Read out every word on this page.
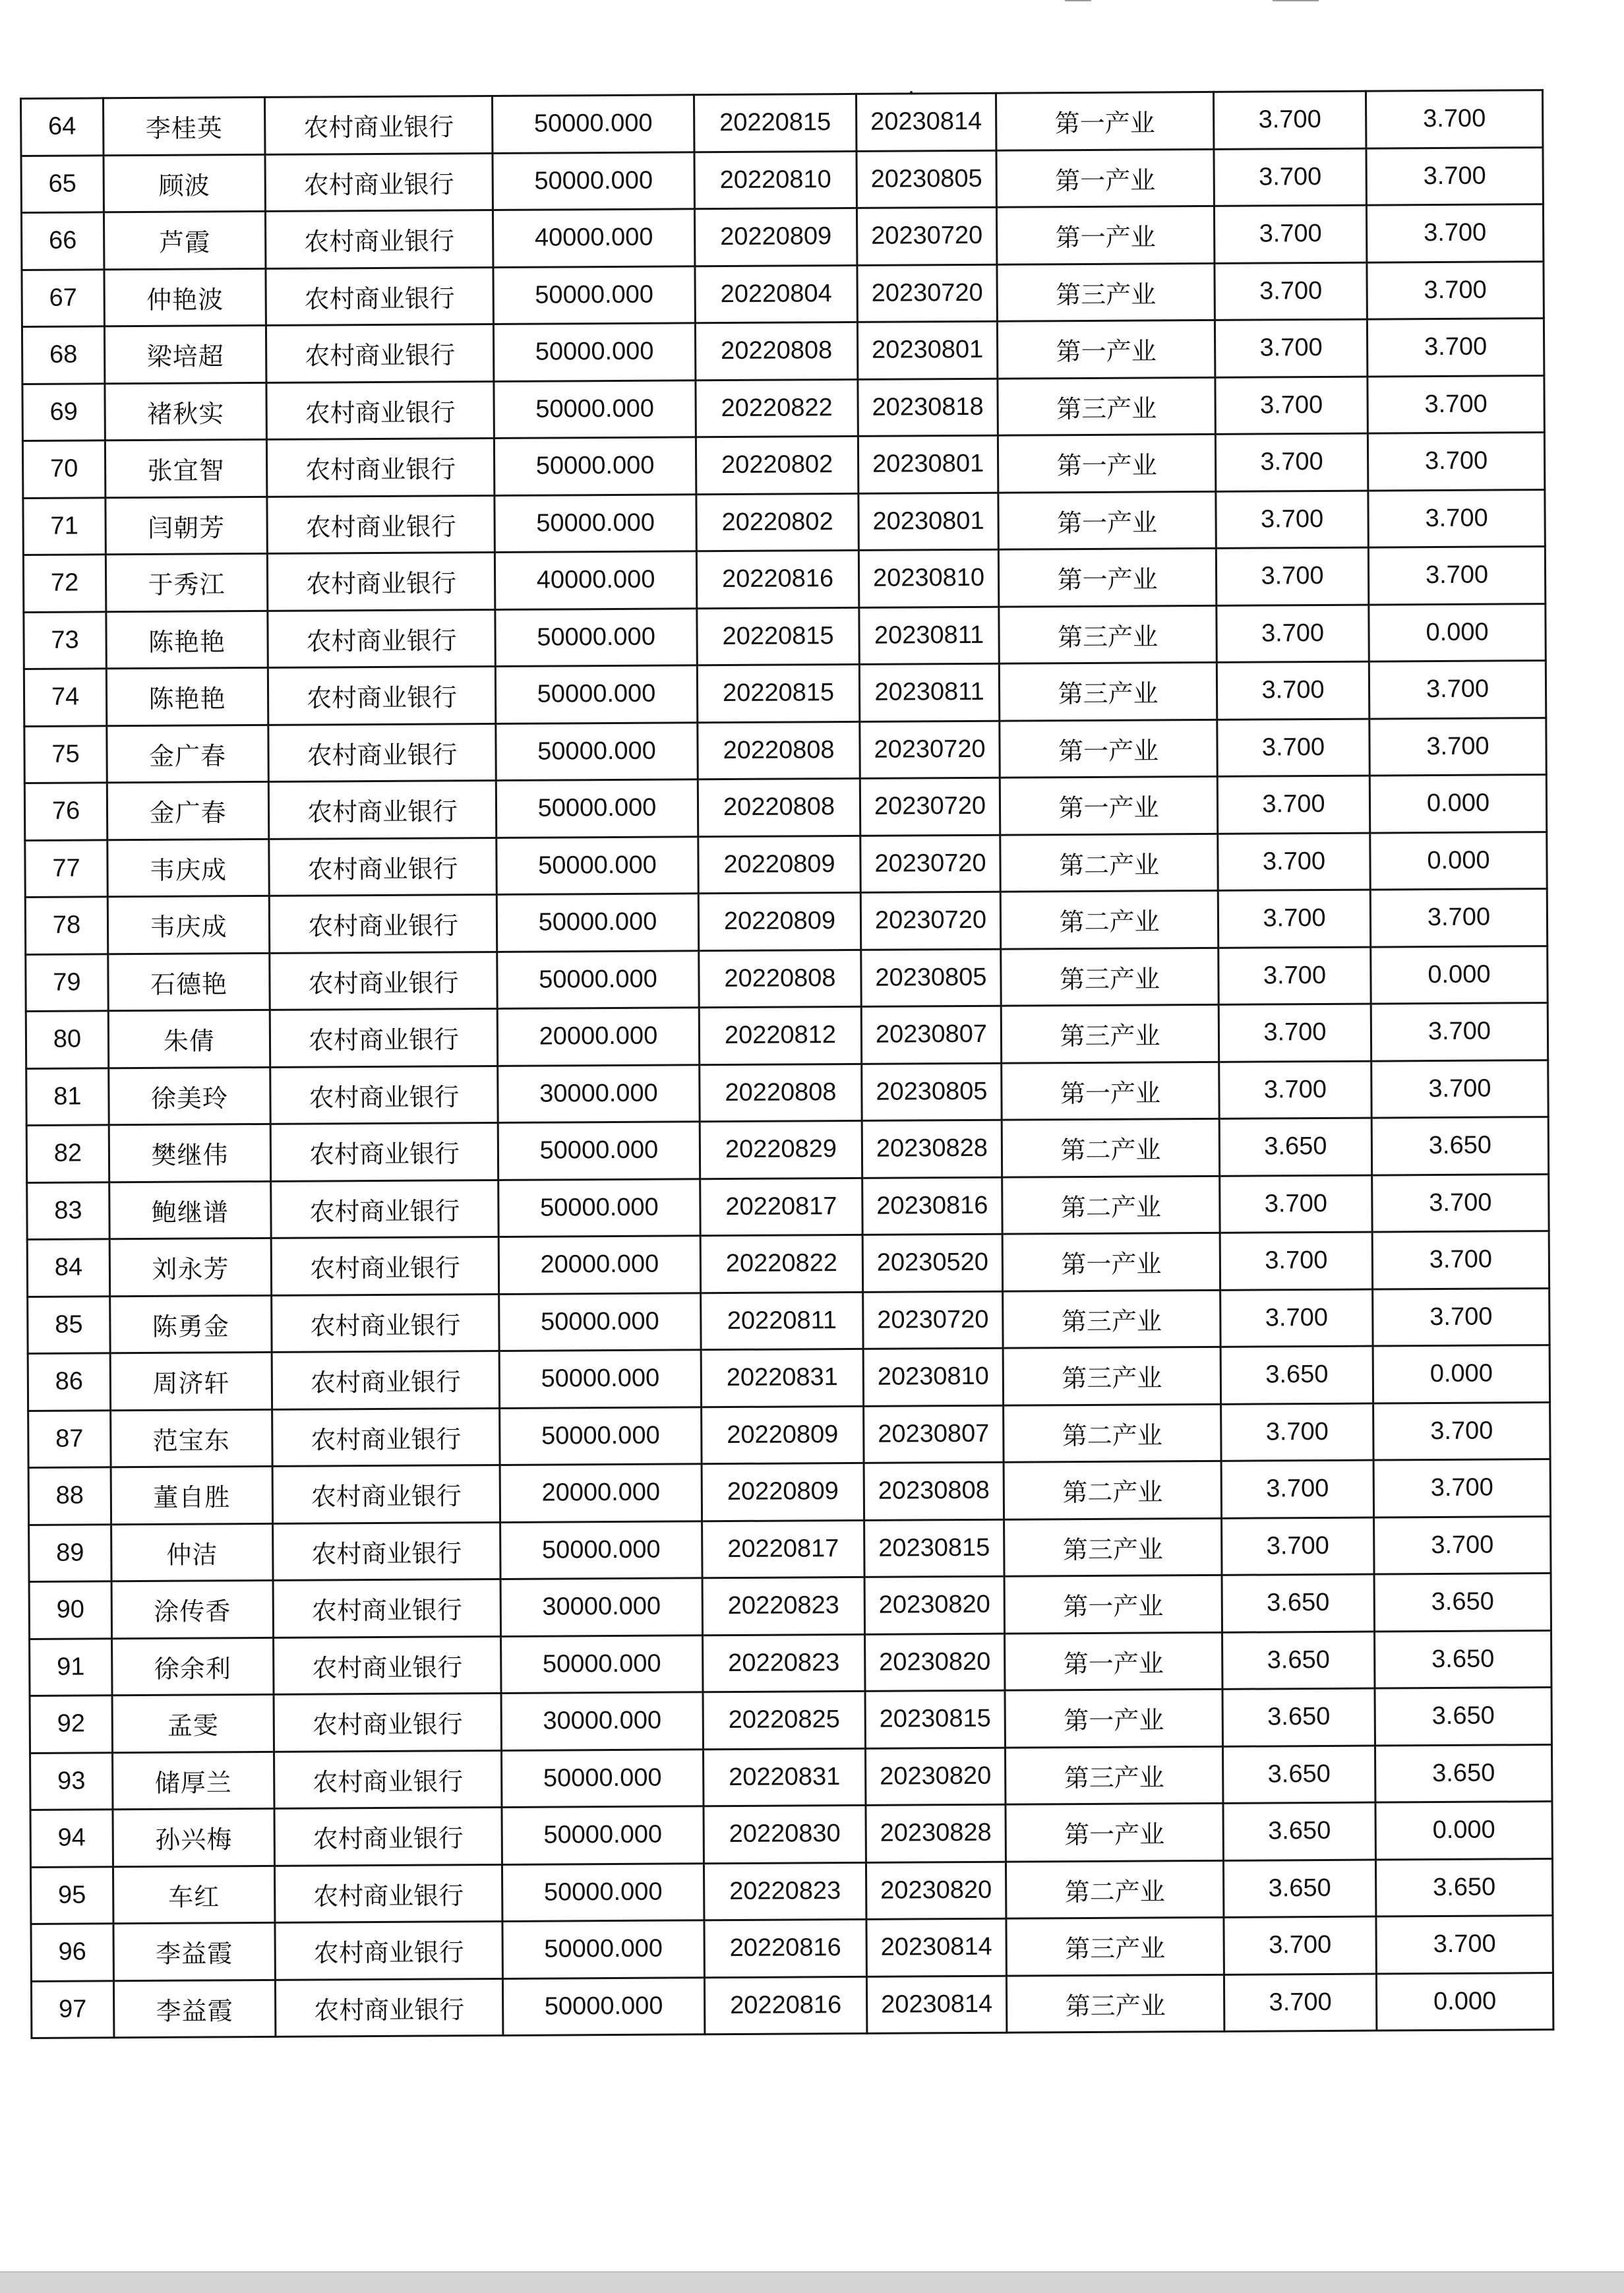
64	李桂英	农村商业银行	50000.000	20220815	20230814	第一产业	3.700	3.700
65	顾波	农村商业银行	50000.000	20220810	20230805	第一产业	3.700	3.700
66	芦霞	农村商业银行	40000.000	20220809	20230720	第一产业	3.700	3.700
67	仲艳波	农村商业银行	50000.000	20220804	20230720	第三产业	3.700	3.700
68	梁培超	农村商业银行	50000.000	20220808	20230801	第一产业	3.700	3.700
69	褚秋实	农村商业银行	50000.000	20220822	20230818	第三产业	3.700	3.700
70	张宜智	农村商业银行	50000.000	20220802	20230801	第一产业	3.700	3.700
71	闫朝芳	农村商业银行	50000.000	20220802	20230801	第一产业	3.700	3.700
72	于秀江	农村商业银行	40000.000	20220816	20230810	第一产业	3.700	3.700
73	陈艳艳	农村商业银行	50000.000	20220815	20230811	第三产业	3.700	0.000
74	陈艳艳	农村商业银行	50000.000	20220815	20230811	第三产业	3.700	3.700
75	金广春	农村商业银行	50000.000	20220808	20230720	第一产业	3.700	3.700
76	金广春	农村商业银行	50000.000	20220808	20230720	第一产业	3.700	0.000
77	韦庆成	农村商业银行	50000.000	20220809	20230720	第二产业	3.700	0.000
78	韦庆成	农村商业银行	50000.000	20220809	20230720	第二产业	3.700	3.700
79	石德艳	农村商业银行	50000.000	20220808	20230805	第三产业	3.700	0.000
80	朱倩	农村商业银行	20000.000	20220812	20230807	第三产业	3.700	3.700
81	徐美玲	农村商业银行	30000.000	20220808	20230805	第一产业	3.700	3.700
82	樊继伟	农村商业银行	50000.000	20220829	20230828	第二产业	3.650	3.650
83	鲍继谱	农村商业银行	50000.000	20220817	20230816	第二产业	3.700	3.700
84	刘永芳	农村商业银行	20000.000	20220822	20230520	第一产业	3.700	3.700
85	陈勇金	农村商业银行	50000.000	20220811	20230720	第三产业	3.700	3.700
86	周济轩	农村商业银行	50000.000	20220831	20230810	第三产业	3.650	0.000
87	范宝东	农村商业银行	50000.000	20220809	20230807	第二产业	3.700	3.700
88	董自胜	农村商业银行	20000.000	20220809	20230808	第二产业	3.700	3.700
89	仲洁	农村商业银行	50000.000	20220817	20230815	第三产业	3.700	3.700
90	涂传香	农村商业银行	30000.000	20220823	20230820	第一产业	3.650	3.650
91	徐余利	农村商业银行	50000.000	20220823	20230820	第一产业	3.650	3.650
92	孟雯	农村商业银行	30000.000	20220825	20230815	第一产业	3.650	3.650
93	储厚兰	农村商业银行	50000.000	20220831	20230820	第三产业	3.650	3.650
94	孙兴梅	农村商业银行	50000.000	20220830	20230828	第一产业	3.650	0.000
95	车红	农村商业银行	50000.000	20220823	20230820	第二产业	3.650	3.650
96	李益霞	农村商业银行	50000.000	20220816	20230814	第三产业	3.700	3.700
97	李益霞	农村商业银行	50000.000	20220816	20230814	第三产业	3.700	0.000
